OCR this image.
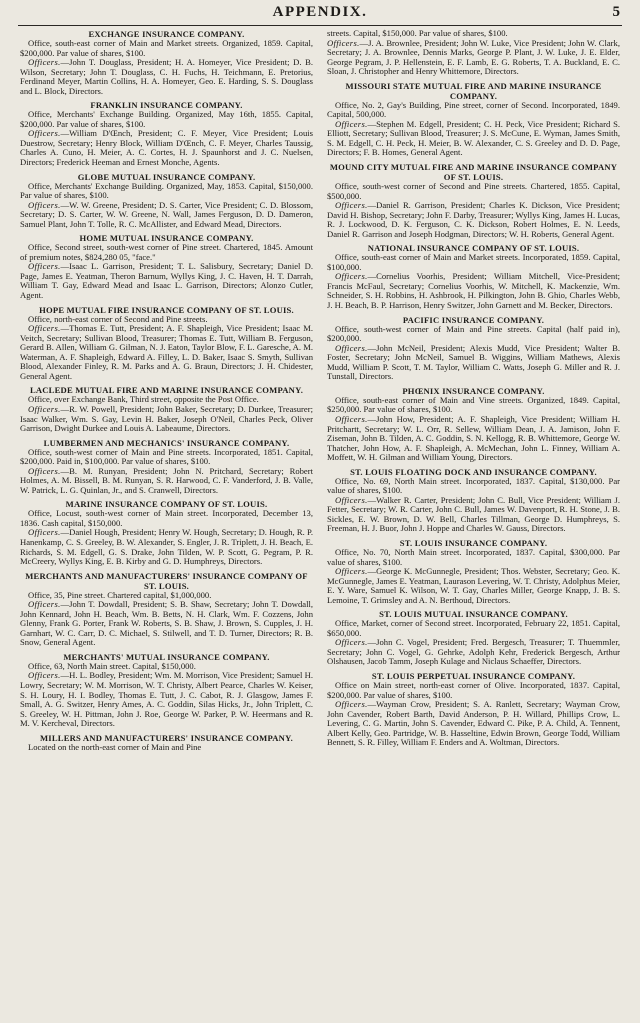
APPENDIX.	5

EXCHANGE INSURANCE COMPANY.

Office, south-east corner of Main and Market streets. Organized, 1859. Capital, $200,000. Par value of shares, $100.

Officers.—John T. Douglass, President; H. A. Homeyer, Vice President; D. B. Wilson, Secretary; John T. Douglass, C. H. Fuchs, H. Teichmann, E. Pretorius, Ferdinand Meyer, Martin Collins, H. A. Homeyer, Geo. E. Harding, S. S. Douglass and L. Block, Directors.

FRANKLIN INSURANCE COMPANY.

Office, Merchants' Exchange Building. Organized, May 16th, 1855. Capital, $200,000. Par value of shares, $100.

Officers.—William D'Œnch, President; C. F. Meyer, Vice President; Louis Duestrow, Secretary; Henry Block, William D'Œnch, C. F. Meyer, Charles Taussig, Charles A. Cuno, H. Meier, A. C. Cortes, H. J. Spaunhorst and J. C. Nuelsen, Directors; Frederick Heeman and Ernest Monche, Agents.

GLOBE MUTUAL INSURANCE COMPANY.

Office, Merchants' Exchange Building. Organized, May, 1853. Capital, $150,000. Par value of shares, $100.

Officers.—W. W. Greene, President; D. S. Carter, Vice President; C. D. Blossom, Secretary; D. S. Carter, W. W. Greene, N. Wall, James Ferguson, D. D. Dameron, Samuel Plant, John T. Tolle, R. C. McAllister, and Edward Mead, Directors.

HOME MUTUAL INSURANCE COMPANY.

Office, Second street, south-west corner of Pine street. Chartered, 1845. Amount of premium notes, $824,280 05, "face."

Officers.—Isaac L. Garrison, President; T. L. Salisbury, Secretary; Daniel D. Page, James E. Yeatman, Theron Barnum, Wyllys King, J. C. Haven, H. T. Darrah, William T. Gay, Edward Mead and Isaac L. Garrison, Directors; Alonzo Cutler, Agent.

HOPE MUTUAL FIRE INSURANCE COMPANY OF ST. LOUIS.

Office, north-east corner of Second and Pine streets.

Officers.—Thomas E. Tutt, President; A. F. Shapleigh, Vice President; Isaac M. Veitch, Secretary; Sullivan Blood, Treasurer; Thomas E. Tutt, William B. Ferguson, Gerard B. Allen, William G. Gilman, N. J. Eaton, Taylor Blow, F. L. Garesche, A. M. Waterman, A. F. Shapleigh, Edward A. Filley, L. D. Baker, Isaac S. Smyth, Sullivan Blood, Alexander Finley, R. M. Parks and A. G. Braun, Directors; J. H. Chidester, General Agent.

LACLEDE MUTUAL FIRE AND MARINE INSURANCE COMPANY.

Office, over Exchange Bank, Third street, opposite the Post Office.

Officers.—R. W. Powell, President; John Baker, Secretary; D. Durkee, Treasurer; Isaac Walker, Wm. S. Gay, Levin H. Baker, Joseph O'Neil, Charles Peck, Oliver Garrison, Dwight Durkee and Louis A. Labeaume, Directors.

LUMBERMEN AND MECHANICS' INSURANCE COMPANY.

Office, south-west corner of Main and Pine streets. Incorporated, 1851. Capital, $200,000. Paid in, $100,000. Par value of shares, $100.

Officers.—B. M. Runyan, President; John N. Pritchard, Secretary; Robert Holmes, A. M. Bissell, B. M. Runyan, S. R. Harwood, C. F. Vanderford, J. B. Valle, W. Patrick, L. G. Quinlan, Jr., and S. Cranwell, Directors.

MARINE INSURANCE COMPANY OF ST. LOUIS.

Office, Locust, south-west corner of Main street. Incorporated, December 13, 1836. Cash capital, $150,000.

Officers.—Daniel Hough, President; Henry W. Hough, Secretary; D. Hough, R. P. Hanenkamp, C. S. Greeley, B. W. Alexander, S. Engler, J. R. Triplett, J. H. Beach, E. Richards, S. M. Edgell, G. S. Drake, John Tilden, W. P. Scott, G. Pegram, P. R. McCreery, Wyllys King, E. B. Kirby and G. D. Humphreys, Directors.

MERCHANTS AND MANUFACTURERS' INSURANCE COMPANY OF ST. LOUIS.

Office, 35, Pine street. Chartered capital, $1,000,000.

Officers.—John T. Dowdall, President; S. B. Shaw, Secretary; John T. Dowdall, John Kennard, John H. Beach, Wm. B. Betts, N. H. Clark, Wm. F. Cozzens, John Glenny, Frank G. Porter, Frank W. Roberts, S. B. Shaw, J. Brown, S. Cupples, J. H. Garnhart, W. C. Carr, D. C. Michael, S. Stilwell, and T. D. Turner, Directors; R. B. Snow, General Agent.

MERCHANTS' MUTUAL INSURANCE COMPANY.

Office, 63, North Main street. Capital, $150,000.

Officers.—H. L. Bodley, President; Wm. M. Morrison, Vice President; Samuel H. Lowry, Secretary; W. M. Morrison, W. T. Christy, Albert Pearce, Charles W. Keiser, S. H. Loury, H. I. Bodley, Thomas E. Tutt, J. C. Cabot, R. J. Glasgow, James F. Small, A. G. Switzer, Henry Ames, A. C. Goddin, Silas Hicks, Jr., John Triplett, C. S. Greeley, W. H. Pittman, John J. Roe, George W. Parker, P. W. Heermans and R. M. V. Kercheval, Directors.

MILLERS AND MANUFACTURERS' INSURANCE COMPANY.

Located on the north-east corner of Main and Pine

streets. Capital, $150,000. Par value of shares, $100.

Officers.—J. A. Brownlee, President; John W. Luke, Vice President; John W. Clark, Secretary; J. A. Brownlee, Dennis Marks, George P. Plant, J. W. Luke, J. E. Elder, George Pegram, J. P. Hellenstein, E. F. Lamb, E. G. Roberts, T. A. Buckland, E. C. Sloan, J. Christopher and Henry Whittemore, Directors.

MISSOURI STATE MUTUAL FIRE AND MARINE INSURANCE COMPANY.

Office, No. 2, Gay's Building, Pine street, corner of Second. Incorporated, 1849. Capital, 500,000.

Officers.—Stephen M. Edgell, President; C. H. Peck, Vice President; Richard S. Elliott, Secretary; Sullivan Blood, Treasurer; J. S. McCune, E. Wyman, James Smith, S. M. Edgell, C. H. Peck, H. Meier, B. W. Alexander, C. S. Greeley and D. D. Page, Directors; F. B. Homes, General Agent.

MOUND CITY MUTUAL FIRE AND MARINE INSURANCE COMPANY OF ST. LOUIS.

Office, south-west corner of Second and Pine streets. Chartered, 1855. Capital, $500,000.

Officers.—Daniel R. Garrison, President; Charles K. Dickson, Vice President; David H. Bishop, Secretary; John F. Darby, Treasurer; Wyllys King, James H. Lucas, R. J. Lockwood, D. K. Ferguson, C. K. Dickson, Robert Holmes, E. N. Leeds, Daniel R. Garrison and Joseph Hodgman, Directors; W. H. Roberts, General Agent.

NATIONAL INSURANCE COMPANY OF ST. LOUIS.

Office, south-east corner of Main and Market streets. Incorporated, 1859. Capital, $100,000.

Officers.—Cornelius Voorhis, President; William Mitchell, Vice-President; Francis McFaul, Secretary; Cornelius Voorhis, W. Mitchell, K. Mackenzie, Wm. Schneider, S. H. Robbins, H. Ashbrook, H. Pilkington, John B. Ghio, Charles Webb, J. H. Beach, B. P. Harrison, Henry Switzer, John Garnett and M. Becker, Directors.

PACIFIC INSURANCE COMPANY.

Office, south-west corner of Main and Pine streets. Capital (half paid in), $200,000.

Officers.—John McNeil, President; Alexis Mudd, Vice President; Walter B. Foster, Secretary; John McNeil, Samuel B. Wiggins, William Mathews, Alexis Mudd, William P. Scott, T. M. Taylor, William C. Watts, Joseph G. Miller and R. J. Tunstall, Directors.

PHŒNIX INSURANCE COMPANY.

Office, south-east corner of Main and Vine streets. Organized, 1849. Capital, $250,000. Par value of shares, $100.

Officers.—John How, President; A. F. Shapleigh, Vice President; William H. Pritchartt, Secretary; W. L. Orr, R. Sellew, William Dean, J. A. Jamison, John F. Ziseman, John B. Tilden, A. C. Goddin, S. N. Kellogg, R. B. Whittemore, George W. Thatcher, John How, A. F. Shapleigh, A. McMechan, John L. Finney, William A. Moffett, W. H. Gilman and William Young, Directors.

ST. LOUIS FLOATING DOCK AND INSURANCE COMPANY.

Office, No. 69, North Main street. Incorporated, 1837. Capital, $130,000. Par value of shares, $100.

Officers.—Walker R. Carter, President; John C. Bull, Vice President; William J. Fetter, Secretary; W. R. Carter, John C. Bull, James W. Davenport, R. H. Stone, J. B. Sickles, E. W. Brown, D. W. Bell, Charles Tillman, George D. Humphreys, S. Freeman, H. J. Buor, John J. Hoppe and Charles W. Gauss, Directors.

ST. LOUIS INSURANCE COMPANY.

Office, No. 70, North Main street. Incorporated, 1837. Capital, $300,000. Par value of shares, $100.

Officers.—George K. McGunnegle, President; Thos. Webster, Secretary; Geo. K. McGunnegle, James E. Yeatman, Laurason Levering, W. T. Christy, Adolphus Meier, E. Y. Ware, Samuel K. Wilson, W. T. Gay, Charles Miller, George Knapp, J. B. S. Lemoine, T. Grimsley and A. N. Berthoud, Directors.

ST. LOUIS MUTUAL INSURANCE COMPANY.

Office, Market, corner of Second street. Incorporated, February 22, 1851. Capital, $650,000.

Officers.—John C. Vogel, President; Fred. Bergesch, Treasurer; T. Thuemmler, Secretary; John C. Vogel, G. Gehrke, Adolph Kehr, Frederick Bergesch, Arthur Olshausen, Jacob Tamm, Joseph Kulage and Niclaus Schaeffer, Directors.

ST. LOUIS PERPETUAL INSURANCE COMPANY.

Office on Main street, north-east corner of Olive. Incorporated, 1837. Capital, $200,000. Par value of shares, $100.

Officers.—Wayman Crow, President; S. A. Ranlett, Secretary; Wayman Crow, John Cavender, Robert Barth, David Anderson, P. H. Willard, Phillips Crow, L. Levering, C. G. Martin, John S. Cavender, Edward C. Pike, P. A. Child, A. Tennent, Albert Kelly, Geo. Partridge, W. B. Hasseltine, Edwin Brown, George Todd, William Bennett, S. R. Filley, William F. Enders and A. Woltman, Directors.
